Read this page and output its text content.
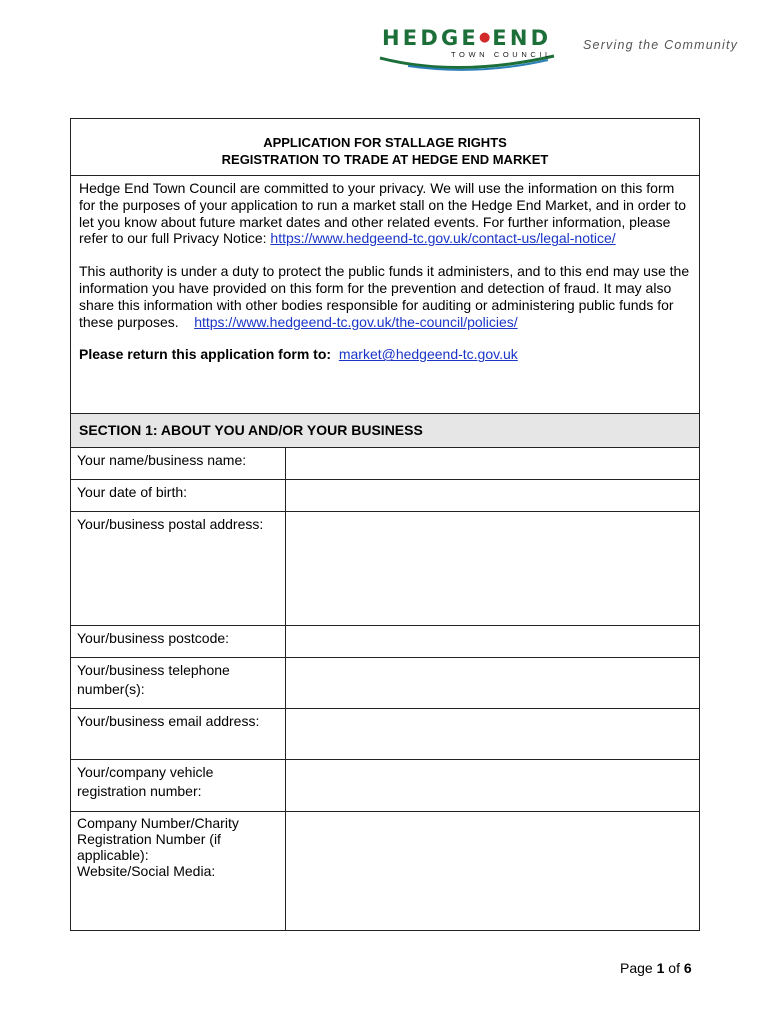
HEDGE●END
TOWN COUNCIL
Serving the Community
APPLICATION FOR STALLAGE RIGHTS
REGISTRATION TO TRADE AT HEDGE END MARKET

Hedge End Town Council are committed to your privacy. We will use the information on this form for the purposes of your application to run a market stall on the Hedge End Market, and in order to let you know about future market dates and other related events. For further information, please refer to our full Privacy Notice: https://www.hedgeend-tc.gov.uk/contact-us/legal-notice/

This authority is under a duty to protect the public funds it administers, and to this end may use the information you have provided on this form for the prevention and detection of fraud. It may also share this information with other bodies responsible for auditing or administering public funds for these purposes. https://www.hedgeend-tc.gov.uk/the-council/policies/

Please return this application form to: market@hedgeend-tc.gov.uk

SECTION 1: ABOUT YOU AND/OR YOUR BUSINESS
Your name/business name:
Your date of birth:
Your/business postal address:
Your/business postcode:
Your/business telephone number(s):
Your/business email address:
Your/company vehicle registration number:
Company Number/Charity Registration Number (if applicable):
Website/Social Media:
Page 1 of 6
